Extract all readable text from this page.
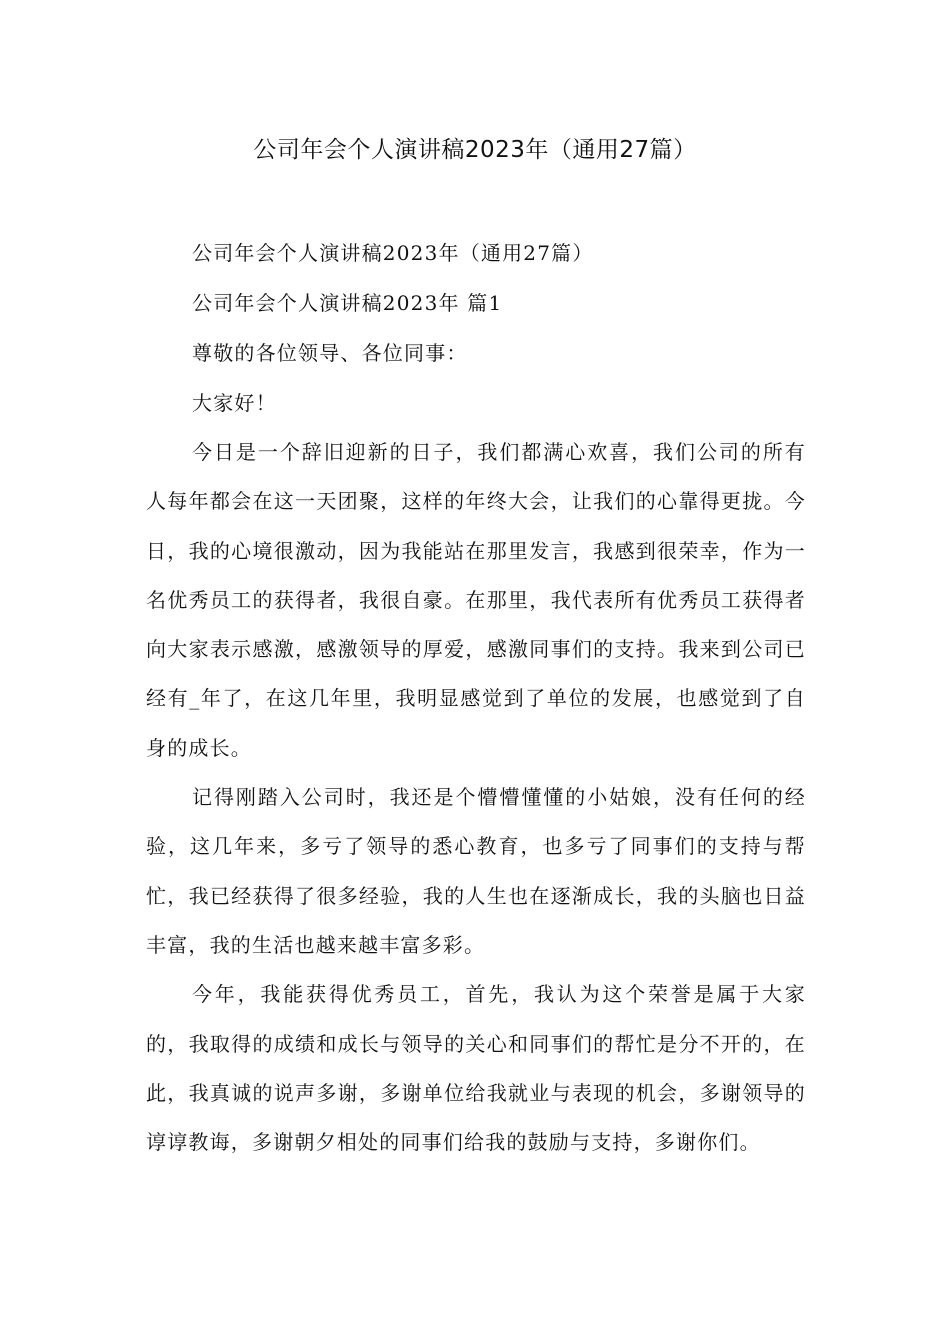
公司年会个人演讲稿2023年（通用27篇）

公司年会个人演讲稿2023年（通用27篇）

公司年会个人演讲稿2023年 篇1

尊敬的各位领导、各位同事：

大家好！

今日是一个辞旧迎新的日子，我们都满心欢喜，我们公司的所有人每年都会在这一天团聚，这样的年终大会，让我们的心靠得更拢。今日，我的心境很激动，因为我能站在那里发言，我感到很荣幸，作为一名优秀员工的获得者，我很自豪。在那里，我代表所有优秀员工获得者向大家表示感激，感激领导的厚爱，感激同事们的支持。我来到公司已经有_年了，在这几年里，我明显感觉到了单位的发展，也感觉到了自身的成长。

记得刚踏入公司时，我还是个懵懵懂懂的小姑娘，没有任何的经验，这几年来，多亏了领导的悉心教育，也多亏了同事们的支持与帮忙，我已经获得了很多经验，我的人生也在逐渐成长，我的头脑也日益丰富，我的生活也越来越丰富多彩。

今年，我能获得优秀员工，首先，我认为这个荣誉是属于大家的，我取得的成绩和成长与领导的关心和同事们的帮忙是分不开的，在此，我真诚的说声多谢，多谢单位给我就业与表现的机会，多谢领导的谆谆教诲，多谢朝夕相处的同事们给我的鼓励与支持，多谢你们。
